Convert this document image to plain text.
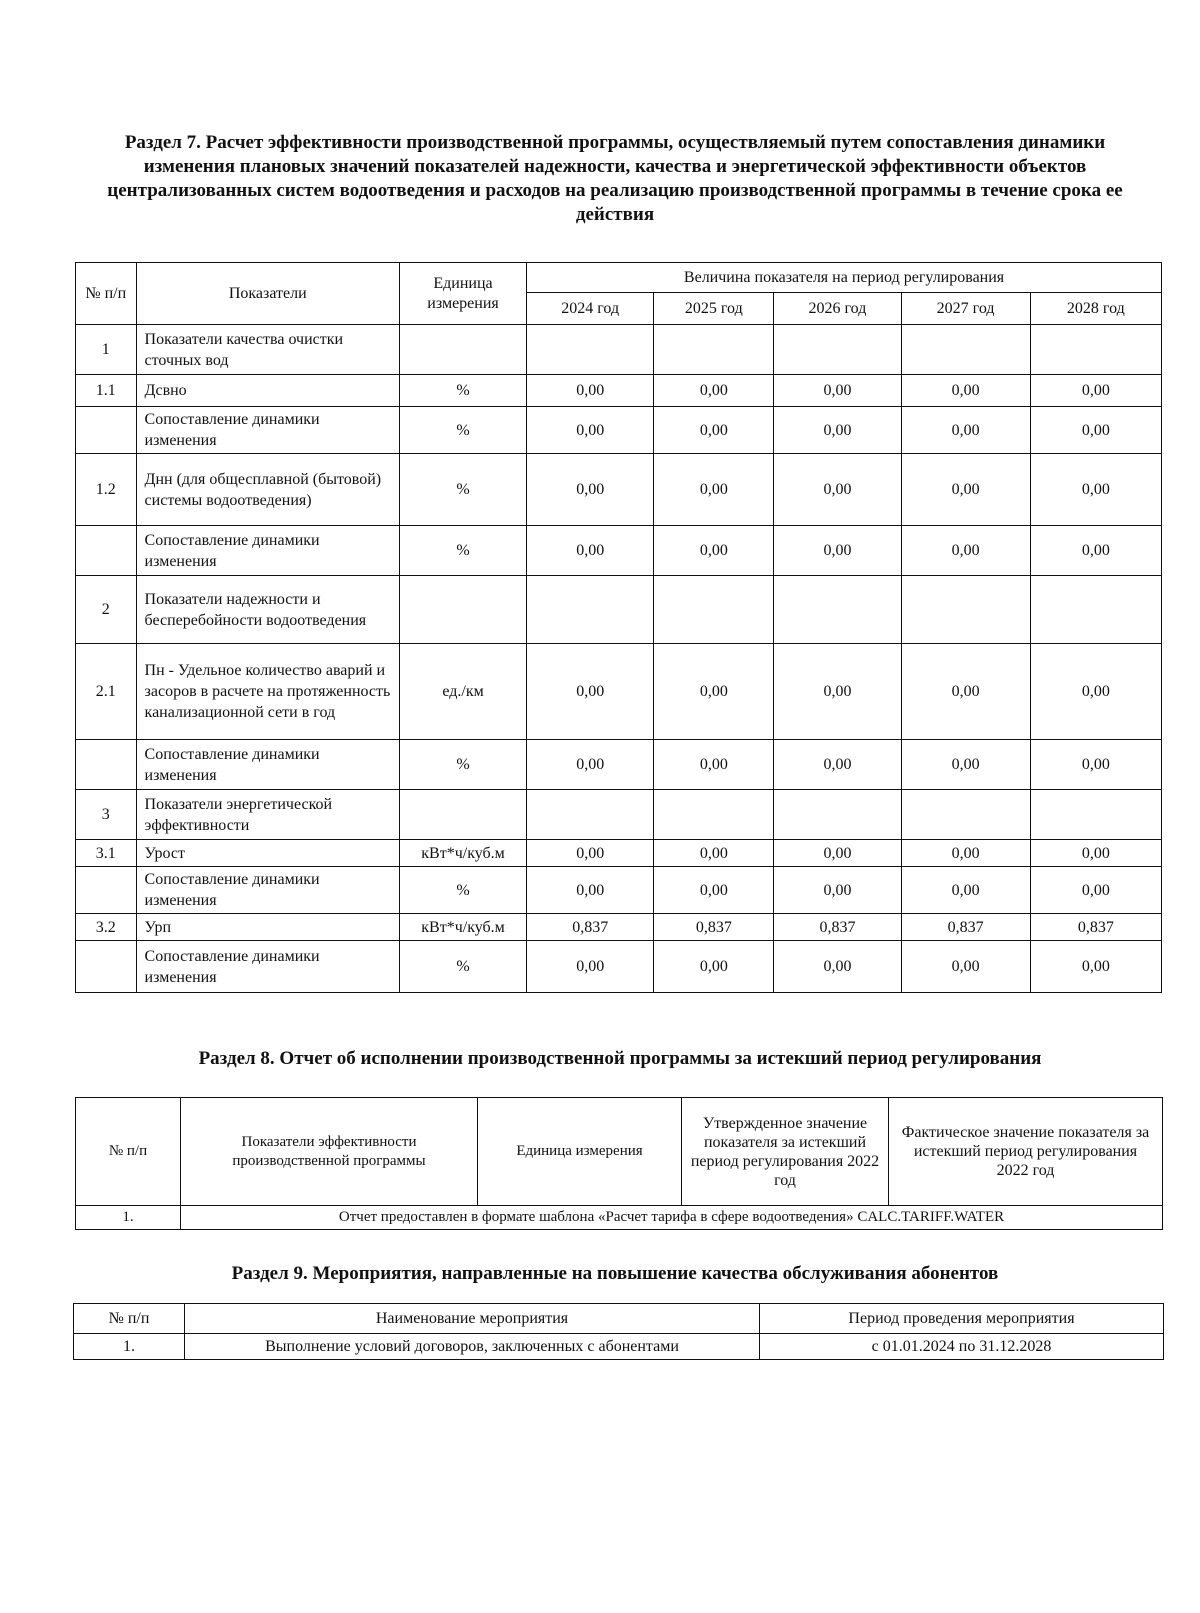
Раздел 7. Расчет эффективности производственной программы, осуществляемый путем сопоставления динамики изменения плановых значений показателей надежности, качества и энергетической эффективности объектов централизованных систем водоотведения и расходов на реализацию производственной программы в течение срока ее действия
№ п/п	Показатели	Единица измерения	Величина показателя на период регулирования				
			2024 год	2025 год	2026 год	2027 год	2028 год
1	Показатели качества очистки сточных вод						
1.1	Дсвно	%	0,00	0,00	0,00	0,00	0,00
	Сопоставление динамики изменения	%	0,00	0,00	0,00	0,00	0,00
1.2	Днн (для общесплавной (бытовой) системы водоотведения)	%	0,00	0,00	0,00	0,00	0,00
	Сопоставление динамики изменения	%	0,00	0,00	0,00	0,00	0,00
2	Показатели надежности и бесперебойности водоотведения						
2.1	Пн - Удельное количество аварий и засоров в расчете на протяженность канализационной сети в год	ед./км	0,00	0,00	0,00	0,00	0,00
	Сопоставление динамики изменения	%	0,00	0,00	0,00	0,00	0,00
3	Показатели энергетической эффективности						
3.1	Урост	кВт*ч/куб.м	0,00	0,00	0,00	0,00	0,00
	Сопоставление динамики изменения	%	0,00	0,00	0,00	0,00	0,00
3.2	Урп	кВт*ч/куб.м	0,837	0,837	0,837	0,837	0,837
	Сопоставление динамики изменения	%	0,00	0,00	0,00	0,00	0,00
Раздел 8. Отчет об исполнении производственной программы за истекший период регулирования
№ п/п	Показатели эффективности производственной программы	Единица измерения	Утвержденное значение показателя за истекший период регулирования 2022 год	Фактическое значение показателя за истекший период регулирования 2022 год
1.	Отчет предоставлен в формате шаблона «Расчет тарифа в сфере водоотведения» CALC.TARIFF.WATER			
Раздел 9. Мероприятия, направленные на повышение качества обслуживания абонентов
№ п/п	Наименование мероприятия	Период проведения мероприятия
1.	Выполнение условий договоров, заключенных с абонентами	с 01.01.2024 по 31.12.2028
